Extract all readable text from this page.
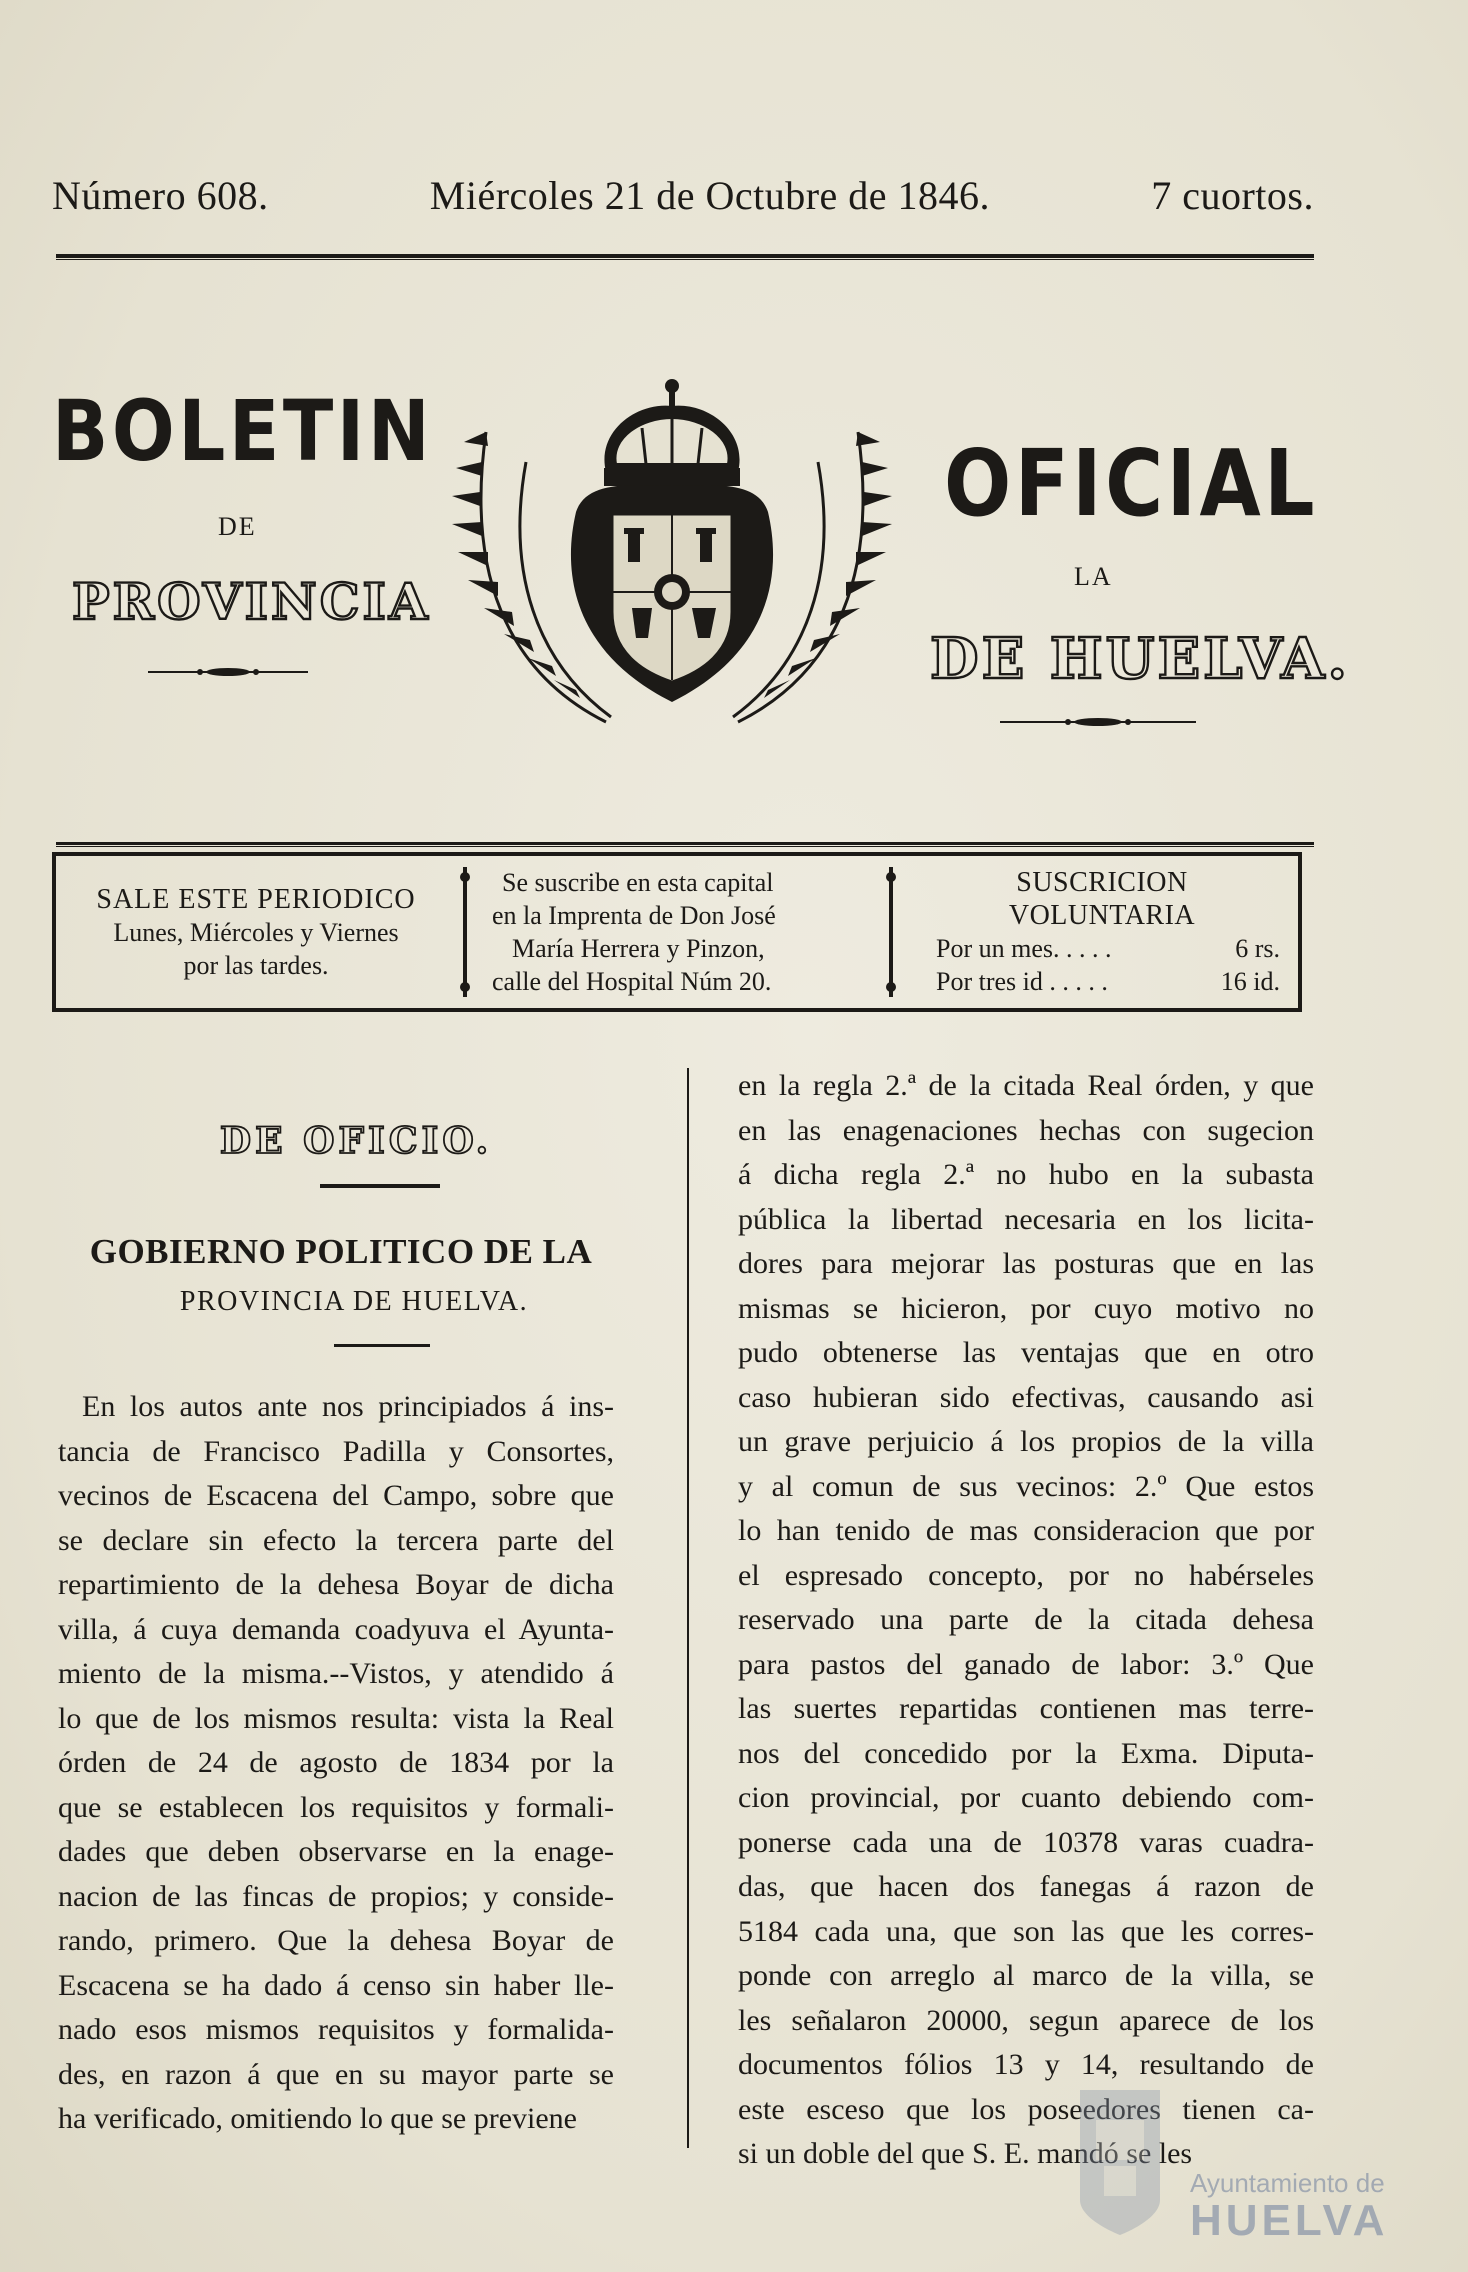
Número 608.	Miércoles 21 de Octubre de 1846.	7 cuortos.
BOLETIN
DE
PROVINCIA
OFICIAL
LA
DE HUELVA.
SALE ESTE PERIODICO
Lunes, Miércoles y Viernes
por las tardes.
Se suscribe en esta capital
en la Imprenta de Don José
María Herrera y Pinzon,
calle del Hospital Núm 20.
SUSCRICION VOLUNTARIA
Por un mes. . . . .	6 rs.
Por tres id . . . . .	16 id.
DE OFICIO.
GOBIERNO POLITICO DE LA
PROVINCIA DE HUELVA.
En los autos ante nos principiados á ins-
tancia de Francisco Padilla y Consortes,
vecinos de Escacena del Campo, sobre que
se declare sin efecto la tercera parte del
repartimiento de la dehesa Boyar de dicha
villa, á cuya demanda coadyuva el Ayunta-
miento de la misma.--Vistos, y atendido á
lo que de los mismos resulta: vista la Real
órden de 24 de agosto de 1834 por la
que se establecen los requisitos y formali-
dades que deben observarse en la enage-
nacion de las fincas de propios; y conside-
rando, primero. Que la dehesa Boyar de
Escacena se ha dado á censo sin haber lle-
nado esos mismos requisitos y formalida-
des, en razon á que en su mayor parte se
ha verificado, omitiendo lo que se previene
en la regla 2.ª de la citada Real órden, y que
en las enagenaciones hechas con sugecion
á dicha regla 2.ª no hubo en la subasta
pública la libertad necesaria en los licita-
dores para mejorar las posturas que en las
mismas se hicieron, por cuyo motivo no
pudo obtenerse las ventajas que en otro
caso hubieran sido efectivas, causando asi
un grave perjuicio á los propios de la villa
y al comun de sus vecinos: 2.º Que estos
lo han tenido de mas consideracion que por
el espresado concepto, por no habérseles
reservado una parte de la citada dehesa
para pastos del ganado de labor: 3.º Que
las suertes repartidas contienen mas terre-
nos del concedido por la Exma. Diputa-
cion provincial, por cuanto debiendo com-
ponerse cada una de 10378 varas cuadra-
das, que hacen dos fanegas á razon de
5184 cada una, que son las que les corres-
ponde con arreglo al marco de la villa, se
les señalaron 20000, segun aparece de los
documentos fólios 13 y 14, resultando de
este esceso que los poseedores tienen ca-
si un doble del que S. E. mandó se les
Ayuntamiento de
HUELVA
